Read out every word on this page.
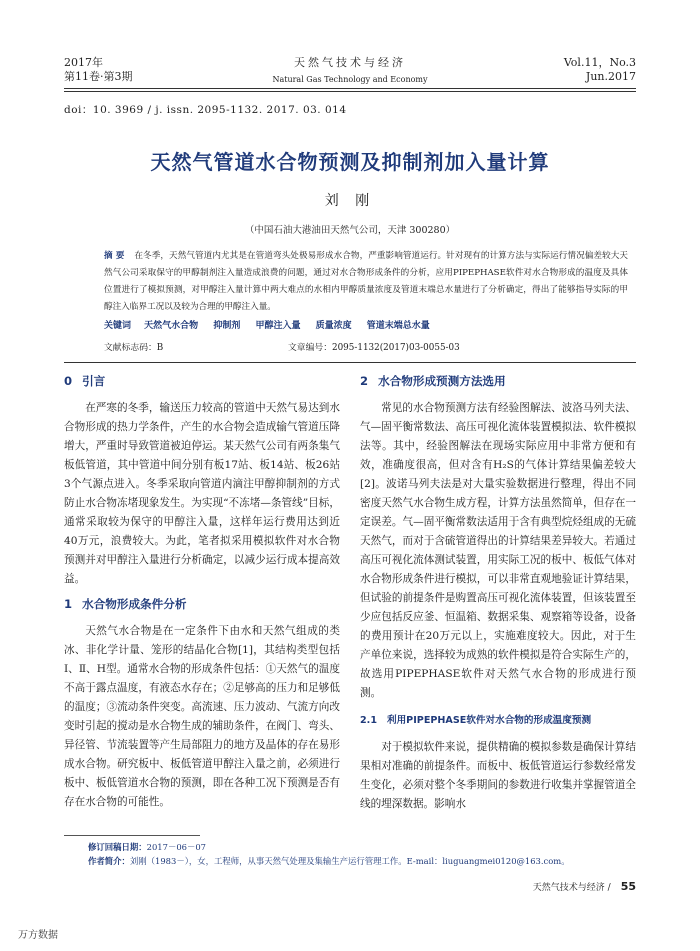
2017年
第11卷·第3期
天然气技术与经济
Natural Gas Technology and Economy
Vol.11，No.3
Jun.2017
doi：10. 3969 / j. issn. 2095-1132. 2017. 03. 014
天然气管道水合物预测及抑制剂加入量计算
刘 刚
（中国石油大港油田天然气公司，天津 300280）
摘 要 在冬季，天然气管道内尤其是在管道弯头处极易形成水合物，严重影响管道运行。针对现有的计算方法与实际运行情况偏差较大天然气公司采取保守的甲醇制剂注入量造成浪费的问题，通过对水合物形成条件的分析，应用PIPEPHASE软件对水合物形成的温度及具体位置进行了模拟预测，对甲醇注入量计算中两大难点的水相内甲醇质量浓度及管道末端总水量进行了分析确定，得出了能够指导实际的甲醇注入临界工况以及较为合理的甲醇注入量。
关键词 天然气水合物 抑制剂 甲醇注入量 质量浓度 管道末端总水量
文献标志码：B	文章编号：2095-1132(2017)03-0055-03
0 引言

在严寒的冬季，输送压力较高的管道中天然气易达到水合物形成的热力学条件，产生的水合物会造成输气管道压降增大，严重时导致管道被迫停运。某天然气公司有两条集气板低管道，其中管道中间分别有板17站、板14站、板26站3个气源点进入。冬季采取向管道内滴注甲醇抑制剂的方式防止水合物冻堵现象发生。为实现“不冻堵—条管线”目标，通常采取较为保守的甲醇注入量，这样年运行费用达到近40万元，浪费较大。为此，笔者拟采用模拟软件对水合物预测并对甲醇注入量进行分析确定，以减少运行成本提高效益。

1 水合物形成条件分析

天然气水合物是在一定条件下由水和天然气组成的类冰、非化学计量、笼形的结晶化合物[1]，其结构类型包括Ⅰ、Ⅱ、H型。通常水合物的形成条件包括：①天然气的温度不高于露点温度，有液态水存在；②足够高的压力和足够低的温度；③流动条件突变。高流速、压力波动、气流方向改变时引起的搅动是水合物生成的辅助条件，在阀门、弯头、异径管、节流装置等产生局部阻力的地方及晶体的存在易形成水合物。研究板中、板低管道甲醇注入量之前，必须进行板中、板低管道水合物的预测，即在各种工况下预测是否有存在水合物的可能性。

2 水合物形成预测方法选用

常见的水合物预测方法有经验图解法、波洛马列夫法、气—固平衡常数法、高压可视化流体装置模拟法、软件模拟法等。其中，经验图解法在现场实际应用中非常方便和有效，准确度很高，但对含有H₂S的气体计算结果偏差较大[2]。波诺马列夫法是对大量实验数据进行整理，得出不同密度天然气水合物生成方程，计算方法虽然简单，但存在一定误差。气—固平衡常数法适用于含有典型烷烃组成的无硫天然气，而对于含硫管道得出的计算结果差异较大。若通过高压可视化流体测试装置，用实际工况的板中、板低气体对水合物形成条件进行模拟，可以非常直观地验证计算结果，但试验的前提条件是购置高压可视化流体装置，但该装置至少应包括反应釜、恒温箱、数据采集、观察箱等设备，设备的费用预计在20万元以上，实施难度较大。因此，对于生产单位来说，选择较为成熟的软件模拟是符合实际生产的，故选用PIPEPHASE软件对天然气水合物的形成进行预测。

2.1 利用PIPEPHASE软件对水合物的形成温度预测

对于模拟软件来说，提供精确的模拟参数是确保计算结果相对准确的前提条件。而板中、板低管道运行参数经常发生变化，必须对整个冬季期间的参数进行收集并掌握管道全线的埋深数据。影响水

修订回稿日期：2017－06－07
作者简介：刘刚（1983－），女，工程师，从事天然气处理及集输生产运行管理工作。E-mail：liuguangmei0120@163.com。
天然气技术与经济 / 55
万方数据
